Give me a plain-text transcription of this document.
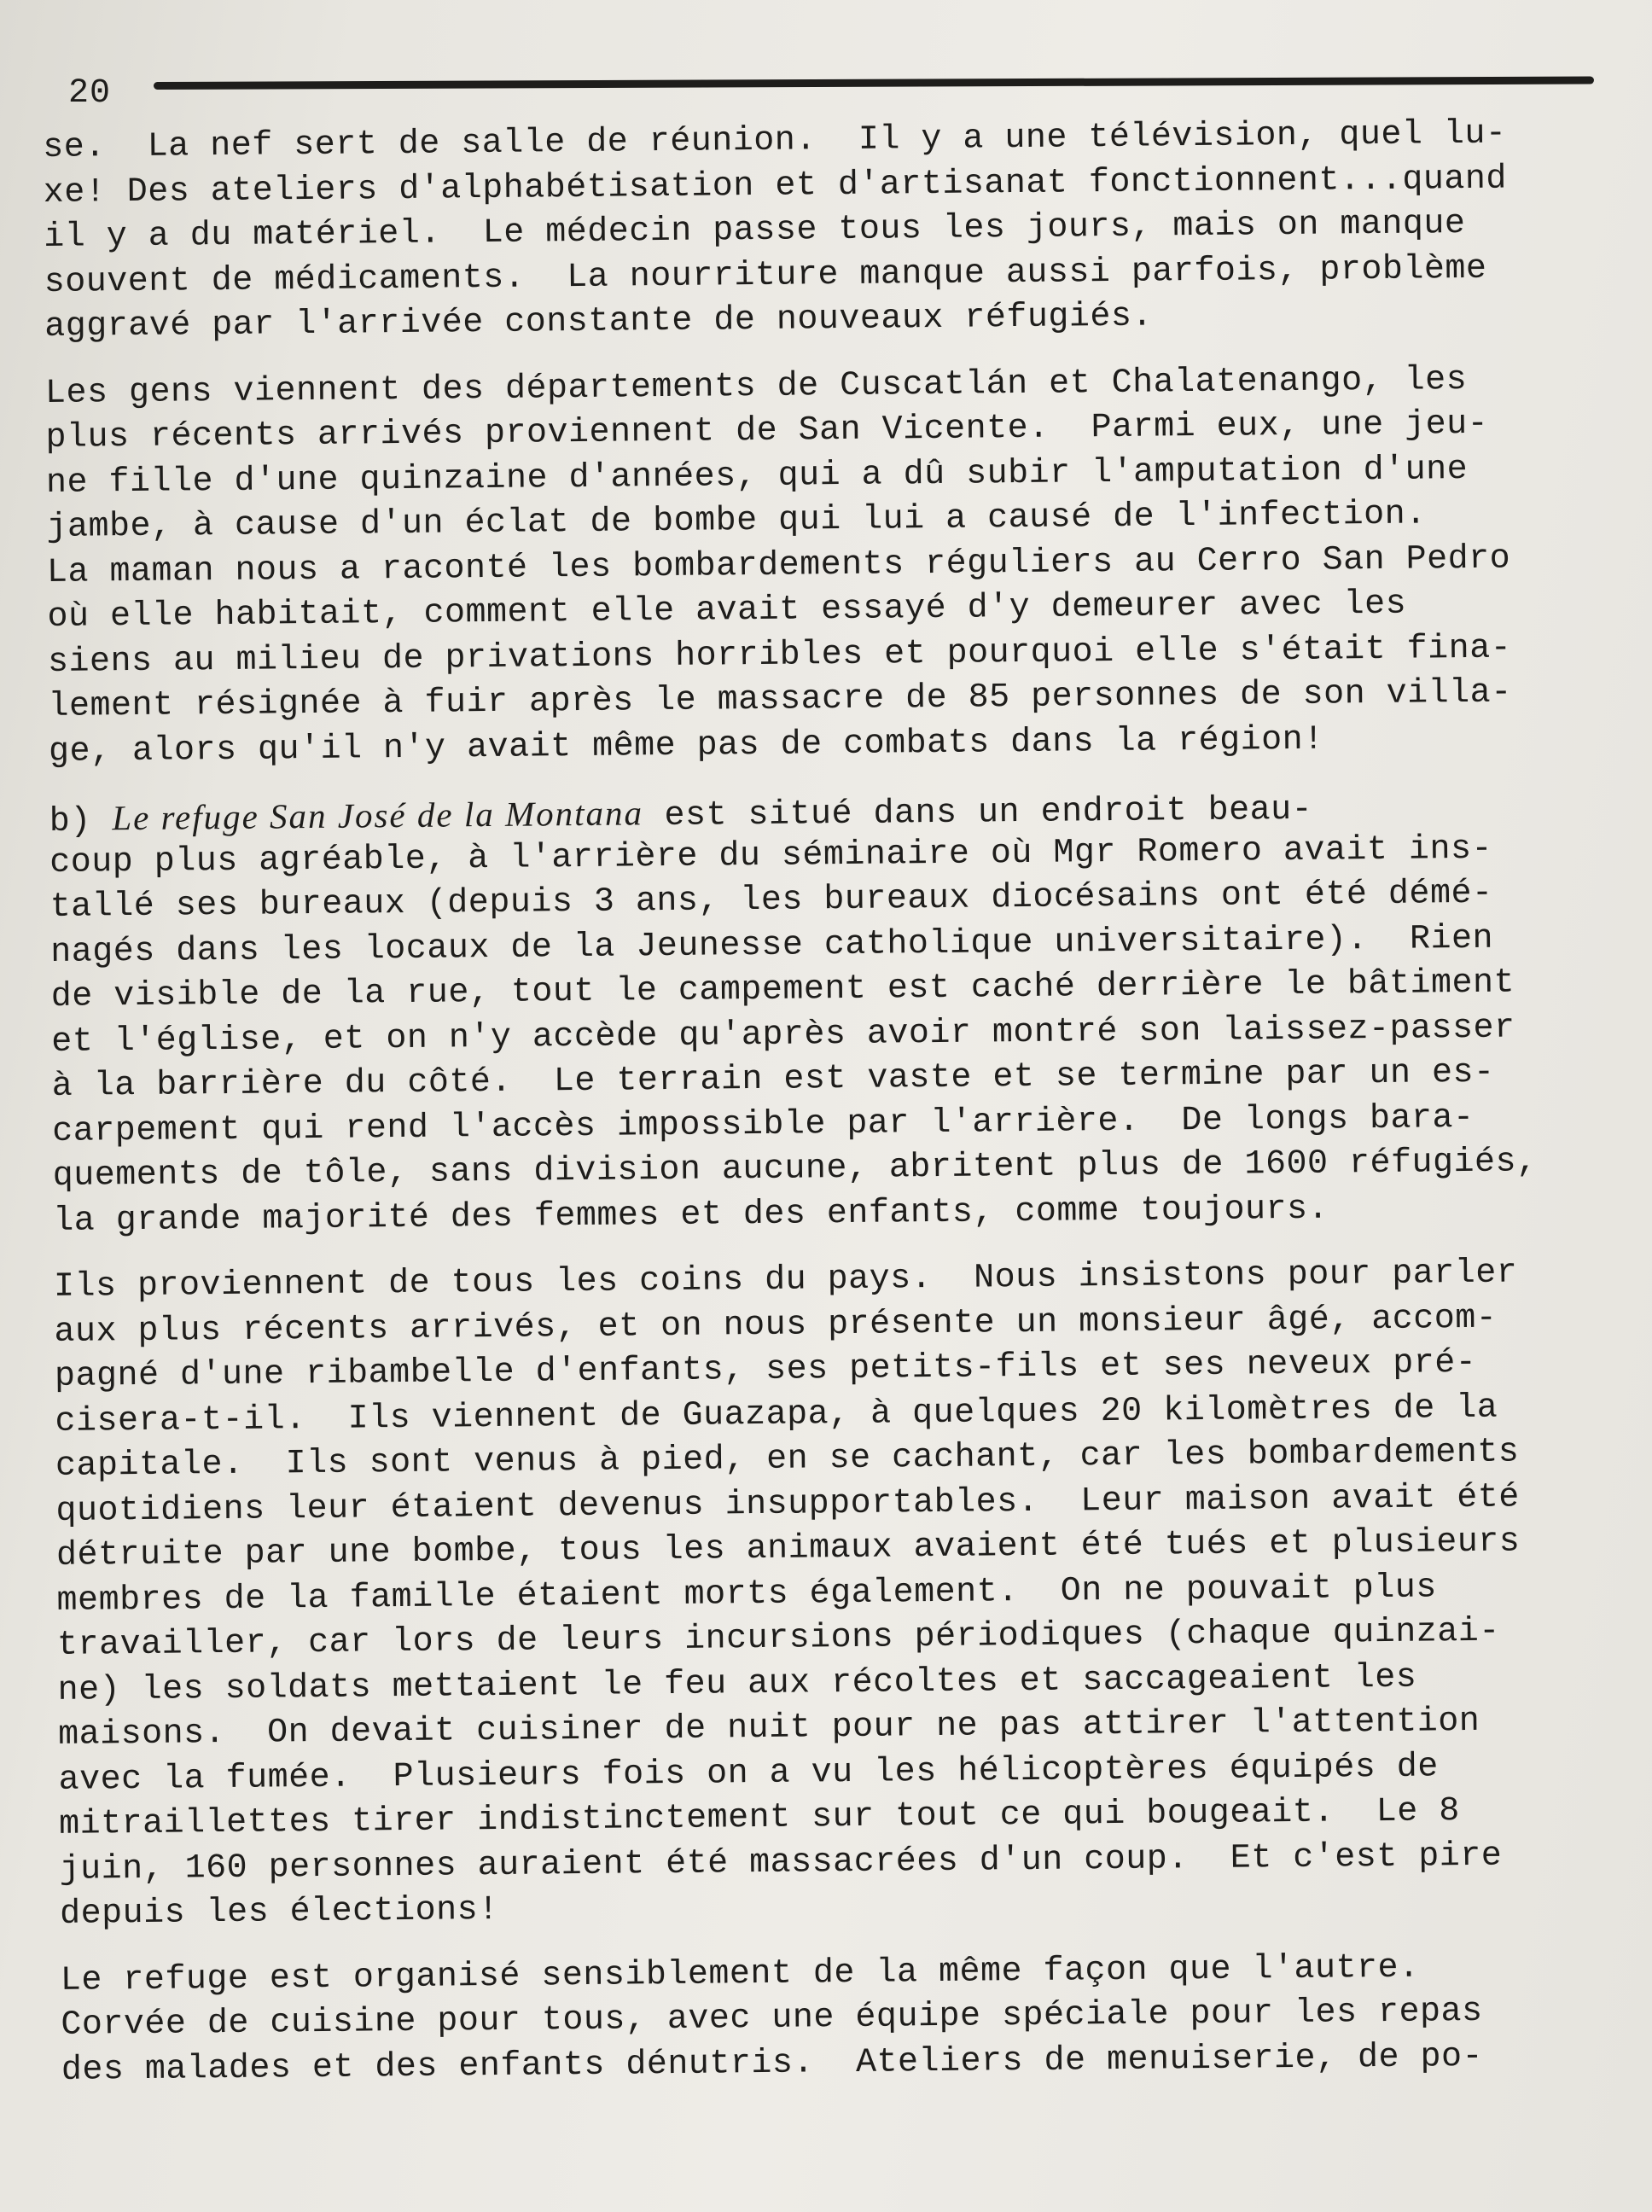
20
se.  La nef sert de salle de réunion.  Il y a une télévision, quel lu-
xe! Des ateliers d'alphabétisation et d'artisanat fonctionnent...quand
il y a du matériel.  Le médecin passe tous les jours, mais on manque
souvent de médicaments.  La nourriture manque aussi parfois, problème
aggravé par l'arrivée constante de nouveaux réfugiés.
Les gens viennent des départements de Cuscatlán et Chalatenango, les
plus récents arrivés proviennent de San Vicente.  Parmi eux, une jeu-
ne fille d'une quinzaine d'années, qui a dû subir l'amputation d'une
jambe, à cause d'un éclat de bombe qui lui a causé de l'infection.
La maman nous a raconté les bombardements réguliers au Cerro San Pedro
où elle habitait, comment elle avait essayé d'y demeurer avec les
siens au milieu de privations horribles et pourquoi elle s'était fina-
lement résignée à fuir après le massacre de 85 personnes de son villa-
ge, alors qu'il n'y avait même pas de combats dans la région!
b) Le refuge San José de la Montana est situé dans un endroit beau-
coup plus agréable, à l'arrière du séminaire où Mgr Romero avait ins-
tallé ses bureaux (depuis 3 ans, les bureaux diocésains ont été démé-
nagés dans les locaux de la Jeunesse catholique universitaire).  Rien
de visible de la rue, tout le campement est caché derrière le bâtiment
et l'église, et on n'y accède qu'après avoir montré son laissez-passer
à la barrière du côté.  Le terrain est vaste et se termine par un es-
carpement qui rend l'accès impossible par l'arrière.  De longs bara-
quements de tôle, sans division aucune, abritent plus de 1600 réfugiés,
la grande majorité des femmes et des enfants, comme toujours.
Ils proviennent de tous les coins du pays.  Nous insistons pour parler
aux plus récents arrivés, et on nous présente un monsieur âgé, accom-
pagné d'une ribambelle d'enfants, ses petits-fils et ses neveux pré-
cisera-t-il.  Ils viennent de Guazapa, à quelques 20 kilomètres de la
capitale.  Ils sont venus à pied, en se cachant, car les bombardements
quotidiens leur étaient devenus insupportables.  Leur maison avait été
détruite par une bombe, tous les animaux avaient été tués et plusieurs
membres de la famille étaient morts également.  On ne pouvait plus
travailler, car lors de leurs incursions périodiques (chaque quinzai-
ne) les soldats mettaient le feu aux récoltes et saccageaient les
maisons.  On devait cuisiner de nuit pour ne pas attirer l'attention
avec la fumée.  Plusieurs fois on a vu les hélicoptères équipés de
mitraillettes tirer indistinctement sur tout ce qui bougeait.  Le 8
juin, 160 personnes auraient été massacrées d'un coup.  Et c'est pire
depuis les élections!
Le refuge est organisé sensiblement de la même façon que l'autre.
Corvée de cuisine pour tous, avec une équipe spéciale pour les repas
des malades et des enfants dénutris.  Ateliers de menuiserie, de po-
